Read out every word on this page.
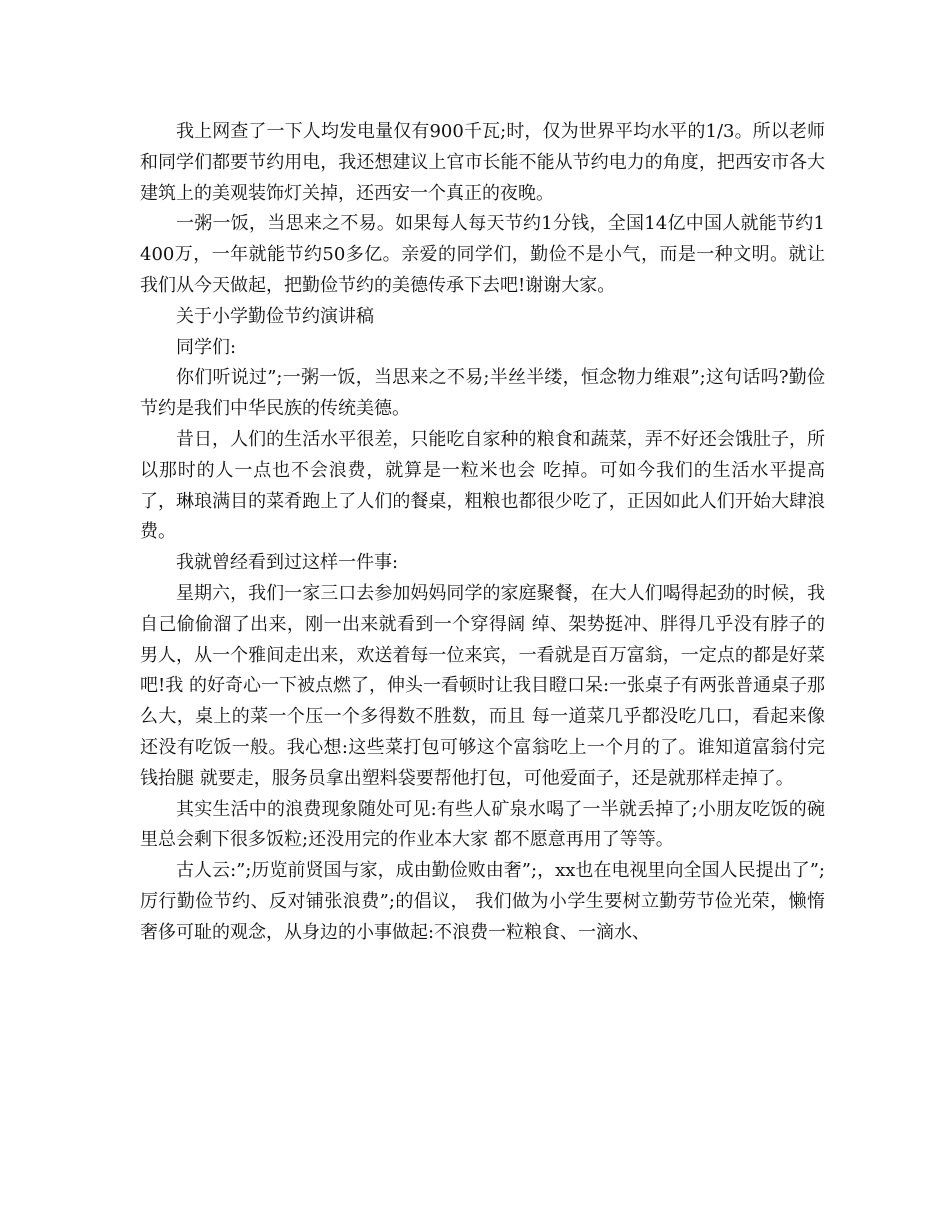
我上网查了一下人均发电量仅有900千瓦;时，仅为世界平均水平的1/3。所以老师和同学们都要节约用电，我还想建议上官市长能不能从节约电力的角度，把西安市各大建筑上的美观装饰灯关掉，还西安一个真正的夜晚。

一粥一饭，当思来之不易。如果每人每天节约1分钱，全国14亿中国人就能节约1400万，一年就能节约50多亿。亲爱的同学们，勤俭不是小气，而是一种文明。就让我们从今天做起，把勤俭节约的美德传承下去吧!谢谢大家。

关于小学勤俭节约演讲稿

同学们:

你们听说过”;一粥一饭，当思来之不易;半丝半缕，恒念物力维艰”;这句话吗?勤俭节约是我们中华民族的传统美德。

昔日，人们的生活水平很差，只能吃自家种的粮食和蔬菜，弄不好还会饿肚子，所以那时的人一点也不会浪费，就算是一粒米也会 吃掉。可如今我们的生活水平提高了，琳琅满目的菜肴跑上了人们的餐桌，粗粮也都很少吃了，正因如此人们开始大肆浪费。

我就曾经看到过这样一件事:

星期六，我们一家三口去参加妈妈同学的家庭聚餐，在大人们喝得起劲的时候，我自己偷偷溜了出来，刚一出来就看到一个穿得阔 绰、架势挺冲、胖得几乎没有脖子的男人，从一个雅间走出来，欢送着每一位来宾，一看就是百万富翁，一定点的都是好菜吧!我 的好奇心一下被点燃了，伸头一看顿时让我目瞪口呆:一张桌子有两张普通桌子那么大，桌上的菜一个压一个多得数不胜数，而且 每一道菜几乎都没吃几口，看起来像还没有吃饭一般。我心想:这些菜打包可够这个富翁吃上一个月的了。谁知道富翁付完钱抬腿 就要走，服务员拿出塑料袋要帮他打包，可他爱面子，还是就那样走掉了。

其实生活中的浪费现象随处可见:有些人矿泉水喝了一半就丢掉了;小朋友吃饭的碗里总会剩下很多饭粒;还没用完的作业本大家 都不愿意再用了等等。

古人云:”;历览前贤国与家，成由勤俭败由奢”;，xx也在电视里向全国人民提出了”;厉行勤俭节约、反对铺张浪费”;的倡议， 我们做为小学生要树立勤劳节俭光荣，懒惰奢侈可耻的观念，从身边的小事做起:不浪费一粒粮食、一滴水、
